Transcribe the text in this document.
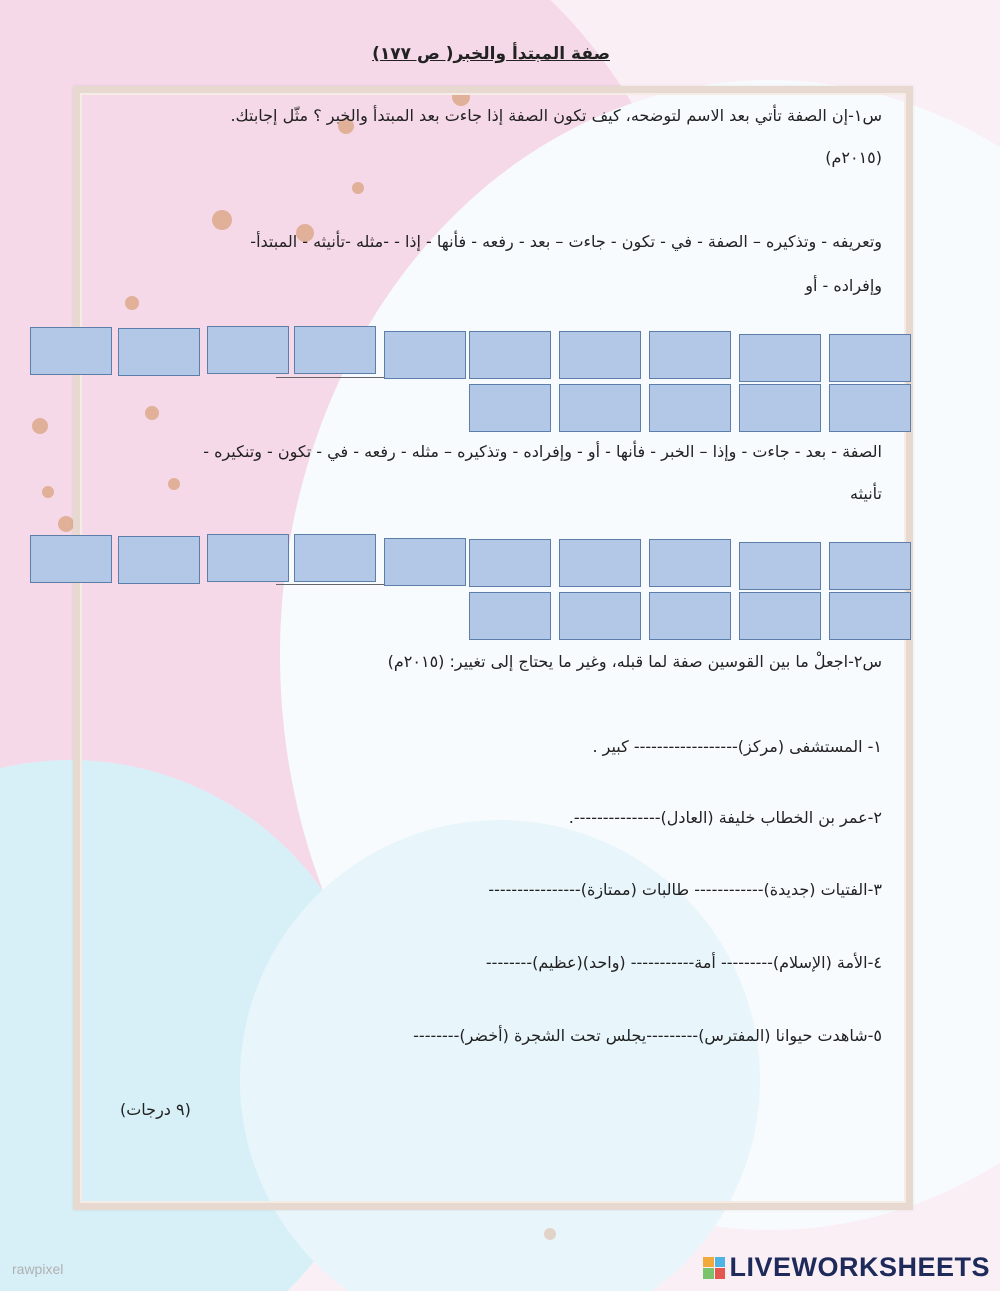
صفة المبتدأ والخبر( ص ١٧٧)
س١-إن الصفة تأتي بعد الاسم لتوضحه، كيف تكون الصفة إذا جاءت بعد المبتدأ والخبر ؟ مثّل إجابتك.
(٢٠١٥م)
وتعريفه - وتذكيره – الصفة - في - تكون - جاءت – بعد - رفعه - فأنها - إذا - -مثله -تأنيثه - المبتدأ-
وإفراده - أو
الصفة - بعد - جاءت - وإذا – الخبر - فأنها - أو - وإفراده - وتذكيره – مثله - رفعه - في - تكون - وتنكيره -
تأنيثه
س٢-اجعلْ ما بين القوسين صفة لما قبله، وغير ما يحتاج إلى تغيير: (٢٠١٥م)
١- المستشفى (مركز)------------------ كبير .
٢-عمر بن الخطاب خليفة (العادل)---------------.
٣-الفتيات (جديدة)------------ طالبات (ممتازة)----------------
٤-الأمة (الإسلام)--------- أمة----------- (واحد)(عظيم)--------
٥-شاهدت حيوانا (المفترس)---------يجلس تحت الشجرة (أخضر)--------
(٩ درجات)
rawpixel	LIVEWORKSHEETS
